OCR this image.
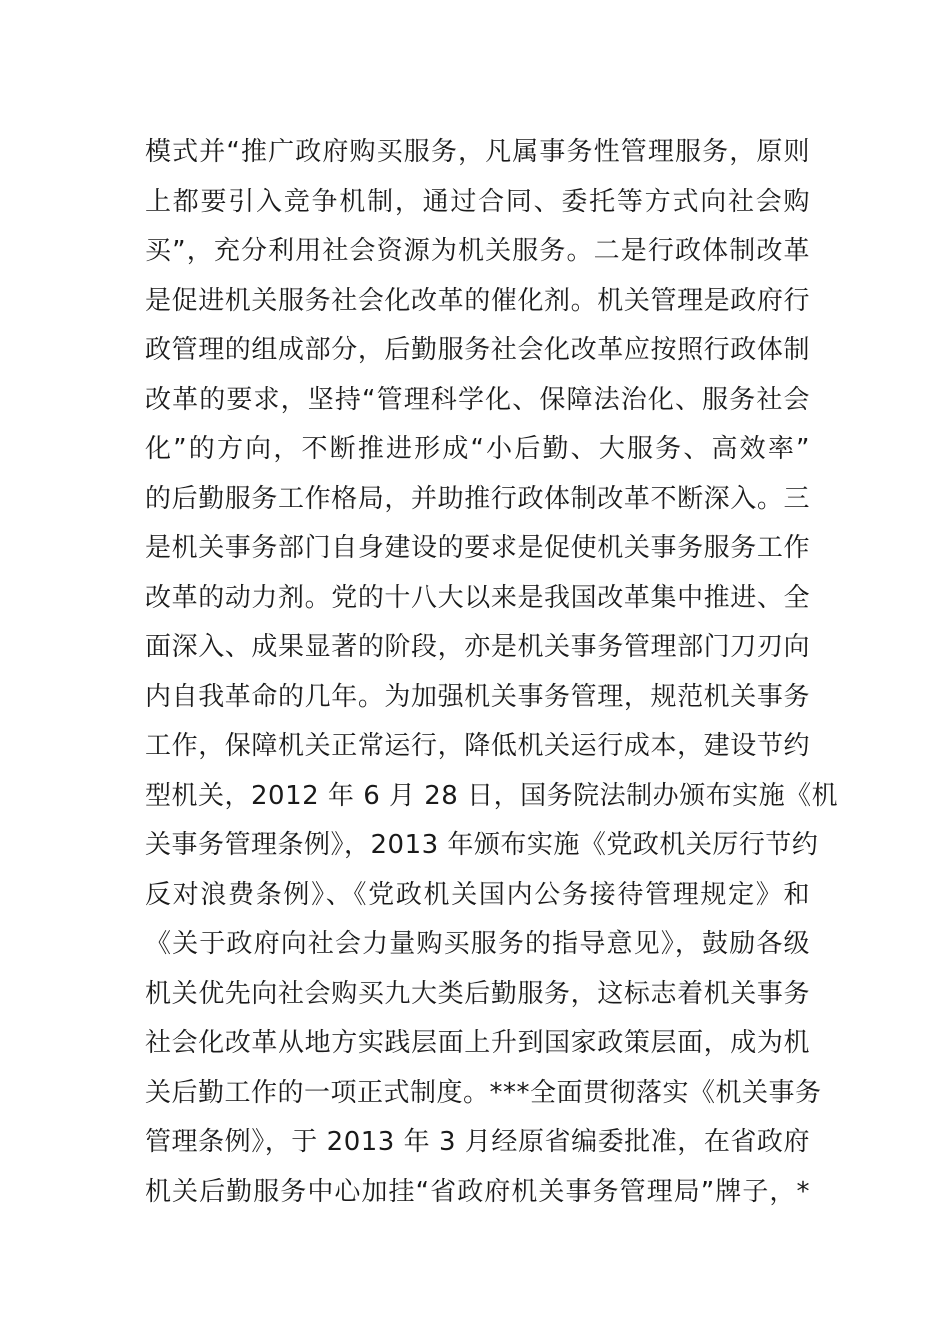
模式并“推广政府购买服务，凡属事务性管理服务，原则
上都要引入竞争机制，通过合同、委托等方式向社会购
买”，充分利用社会资源为机关服务。二是行政体制改革
是促进机关服务社会化改革的催化剂。机关管理是政府行
政管理的组成部分，后勤服务社会化改革应按照行政体制
改革的要求，坚持“管理科学化、保障法治化、服务社会
化”的方向，不断推进形成“小后勤、大服务、高效率”
的后勤服务工作格局，并助推行政体制改革不断深入。三
是机关事务部门自身建设的要求是促使机关事务服务工作
改革的动力剂。党的十八大以来是我国改革集中推进、全
面深入、成果显著的阶段，亦是机关事务管理部门刀刃向
内自我革命的几年。为加强机关事务管理，规范机关事务
工作，保障机关正常运行，降低机关运行成本，建设节约
型机关，2012 年 6 月 28 日，国务院法制办颁布实施《机
关事务管理条例》，2013 年颁布实施《党政机关厉行节约
反对浪费条例》、《党政机关国内公务接待管理规定》和
《关于政府向社会力量购买服务的指导意见》，鼓励各级
机关优先向社会购买九大类后勤服务，这标志着机关事务
社会化改革从地方实践层面上升到国家政策层面，成为机
关后勤工作的一项正式制度。***全面贯彻落实《机关事务
管理条例》，于 2013 年 3 月经原省编委批准，在省政府
机关后勤服务中心加挂“省政府机关事务管理局”牌子，*
